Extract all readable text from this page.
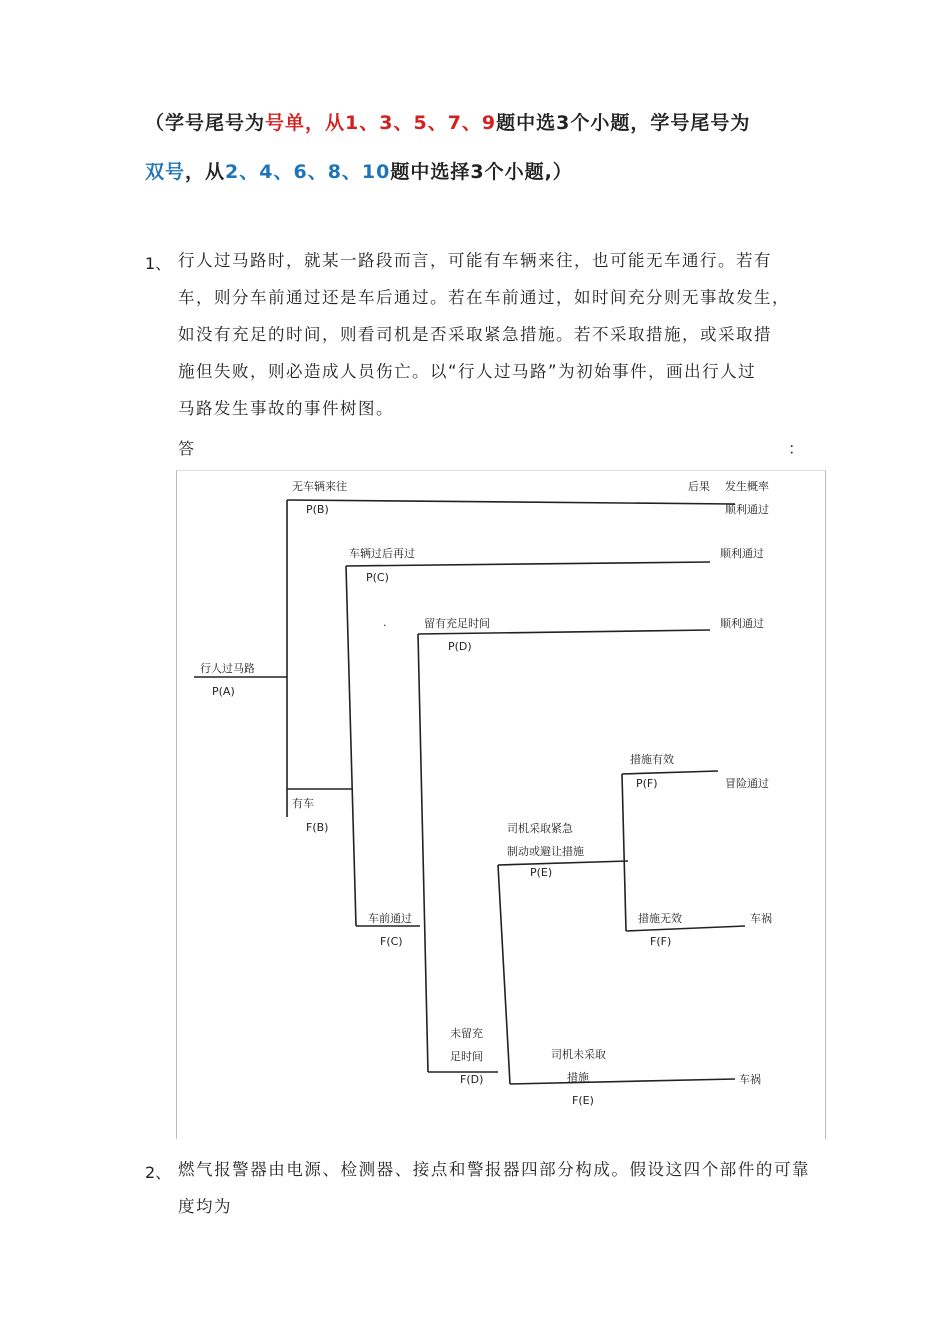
（学号尾号为号单，从1、3、5、7、9题中选3个小题，学号尾号为
双号，从2、4、6、8、10题中选择3个小题,）
1、 行人过马路时，就某一路段而言，可能有车辆来往，也可能无车通行。若有
车，则分车前通过还是车后通过。若在车前通过，如时间充分则无事故发生，
如没有充足的时间，则看司机是否采取紧急措施。若不采取措施，或采取措
施但失败，则必造成人员伤亡。以“行人过马路”为初始事件，画出行人过
马路发生事故的事件树图。
答	：
后果 发生概率
行人过马路
P(A)
无车辆来往
P(B)	顺利通过
有车
F(B)
车辆过后再过
P(C)
顺利通过
车前通过
F(C)
.	留有充足时间
P(D)
顺利通过
未留充
足时间
F(D)
司机采取紧急
制动或避让措施
P(E)
司机未采取
措施
F(E)
车祸
措施有效
P(F)	冒险通过
措施无效
F(F)
车祸
2、 燃气报警器由电源、检测器、接点和警报器四部分构成。假设这四个部件的可靠度均为
